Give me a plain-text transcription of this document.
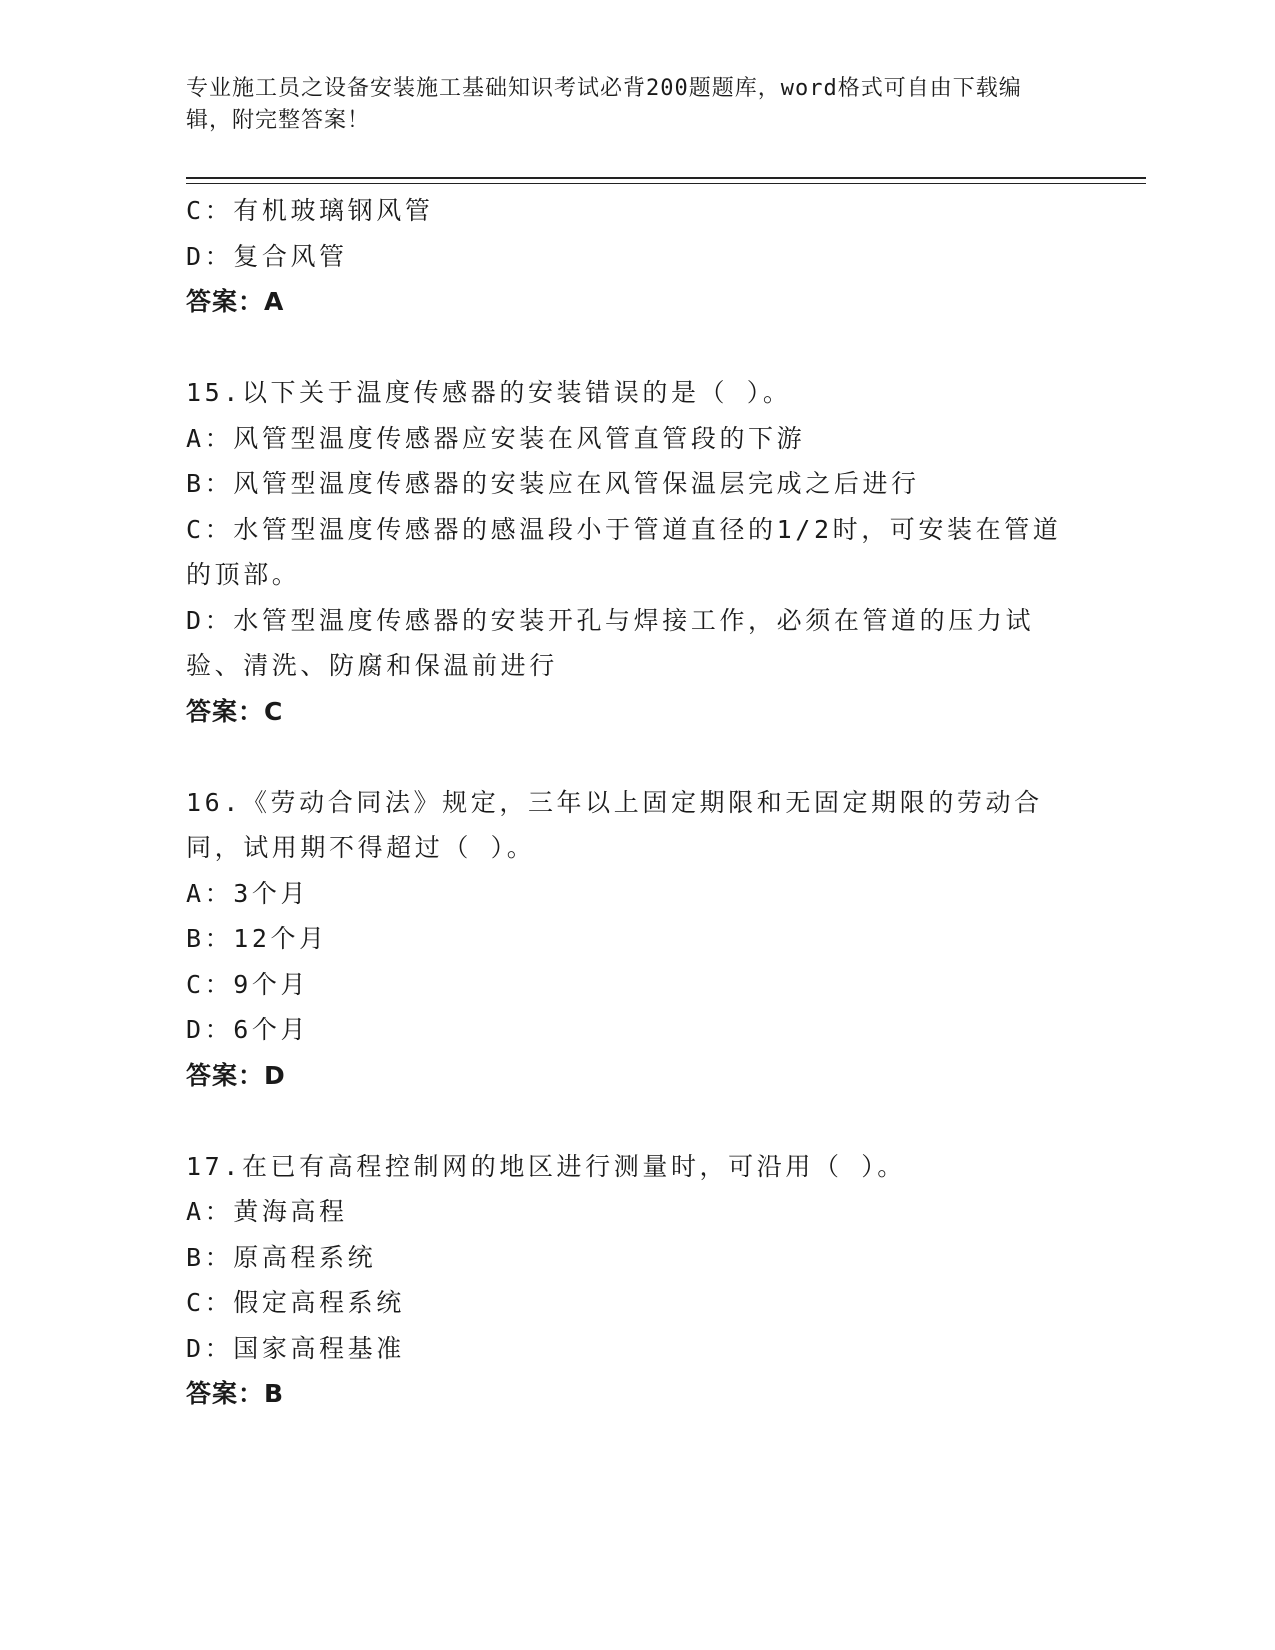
专业施工员之设备安装施工基础知识考试必背200题题库，word格式可自由下载编辑，附完整答案！

C：有机玻璃钢风管

D：复合风管

答案：A

15.以下关于温度传感器的安装错误的是（ ）。

A：风管型温度传感器应安装在风管直管段的下游

B：风管型温度传感器的安装应在风管保温层完成之后进行

C：水管型温度传感器的感温段小于管道直径的1/2时，可安装在管道的顶部。

D：水管型温度传感器的安装开孔与焊接工作，必须在管道的压力试验、清洗、防腐和保温前进行

答案：C

16.《劳动合同法》规定，三年以上固定期限和无固定期限的劳动合同，试用期不得超过（ ）。

A：3个月

B：12个月

C：9个月

D：6个月

答案：D

17.在已有高程控制网的地区进行测量时，可沿用（ ）。

A：黄海高程

B：原高程系统

C：假定高程系统

D：国家高程基准

答案：B
